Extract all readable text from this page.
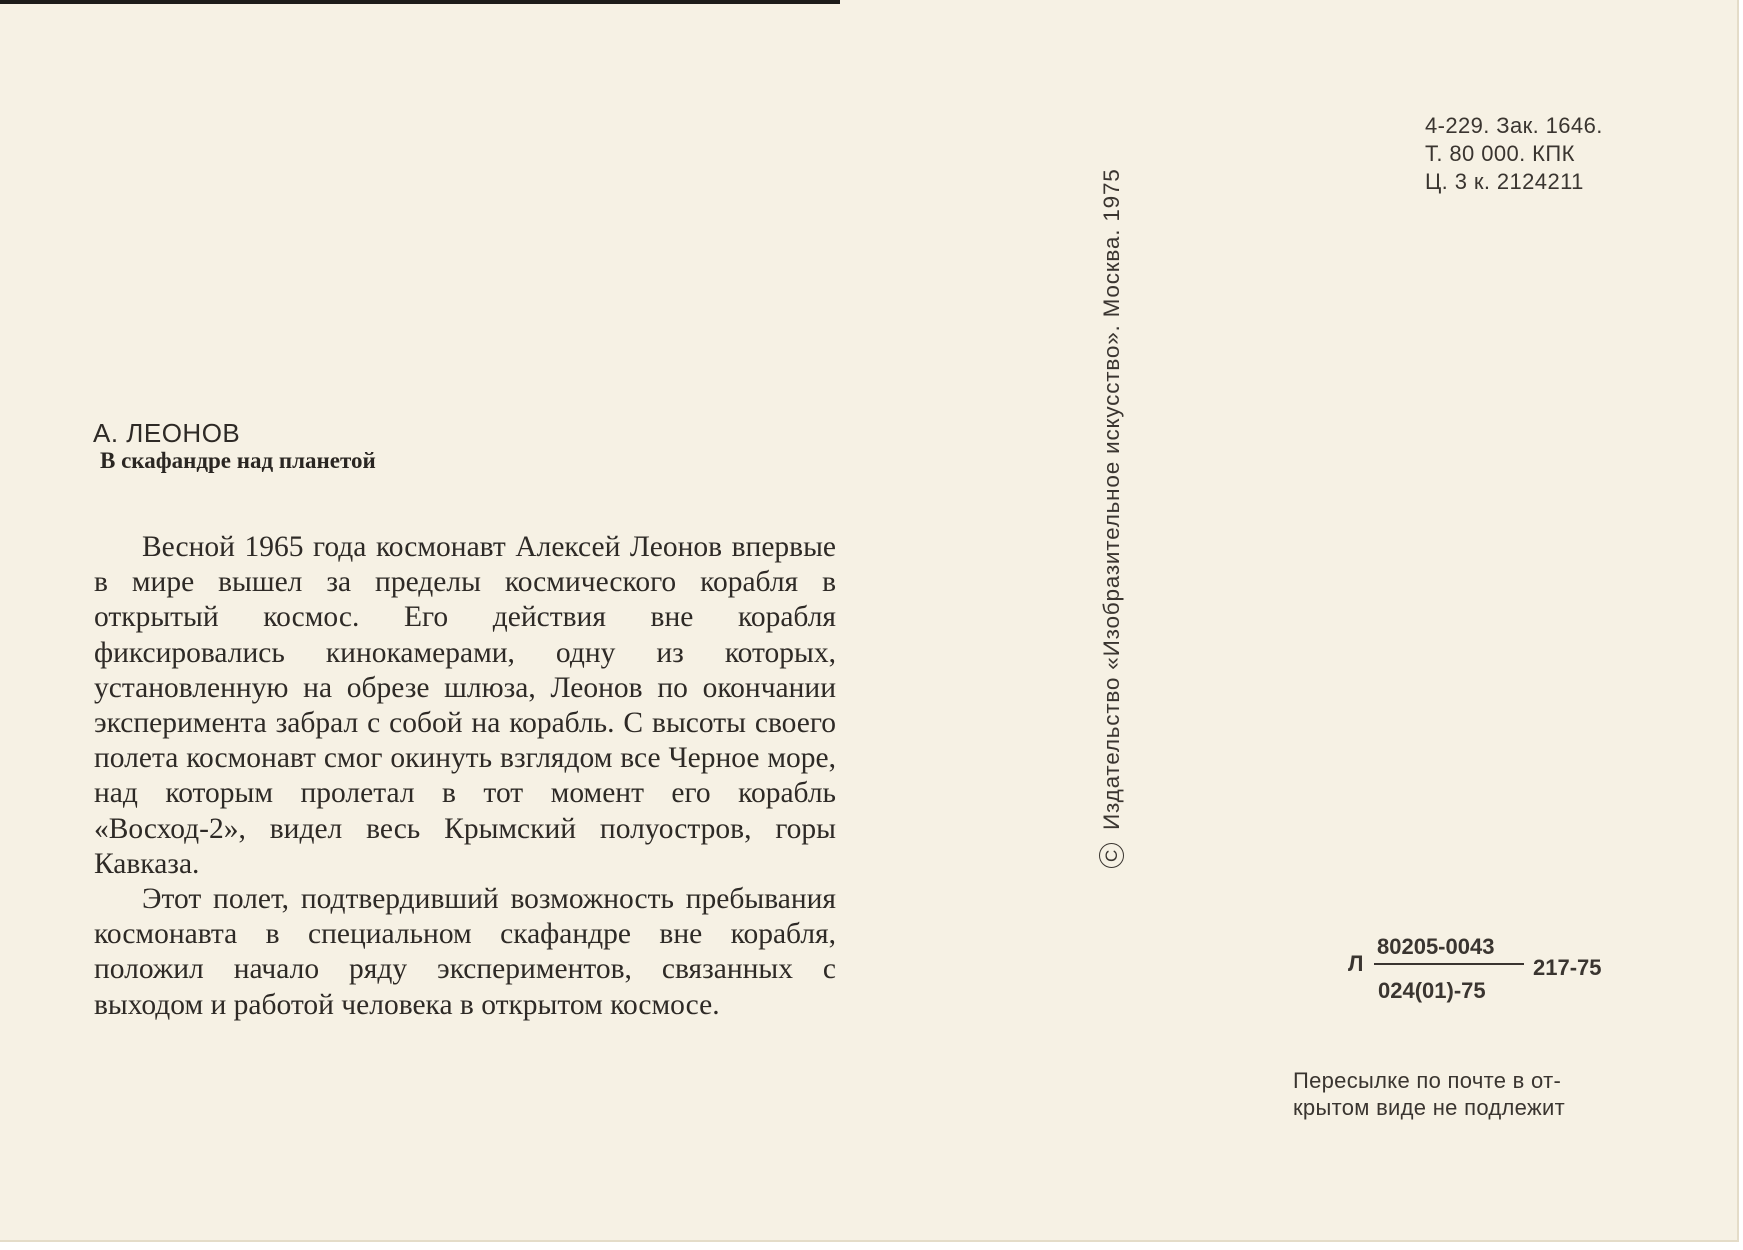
А. ЛЕОНОВ
В скафандре над планетой

Весной 1965 года космонавт Алексей Леонов впервые в мире вышел за пределы космического корабля в открытый космос. Его действия вне корабля фиксировались кинокамерами, одну из которых, установленную на обрезе шлюза, Леонов по окончании эксперимента забрал с собой на корабль. С высоты своего полета космонавт смог окинуть взглядом все Черное море, над которым пролетал в тот момент его корабль «Восход-2», видел весь Крымский полуостров, горы Кавказа.

Этот полет, подтвердивший возможность пребывания космонавта в специальном скафандре вне корабля, положил начало ряду экспериментов, связанных с выходом и работой человека в открытом космосе.

C Издательство «Изобразительное искусство». Москва. 1975
4-229. Зак. 1646.
Т. 80 000. КПК
Ц. 3 к. 2124211
Л
80205-0043
024(01)-75
217-75
Пересылке по почте в от-
крытом виде не подлежит
